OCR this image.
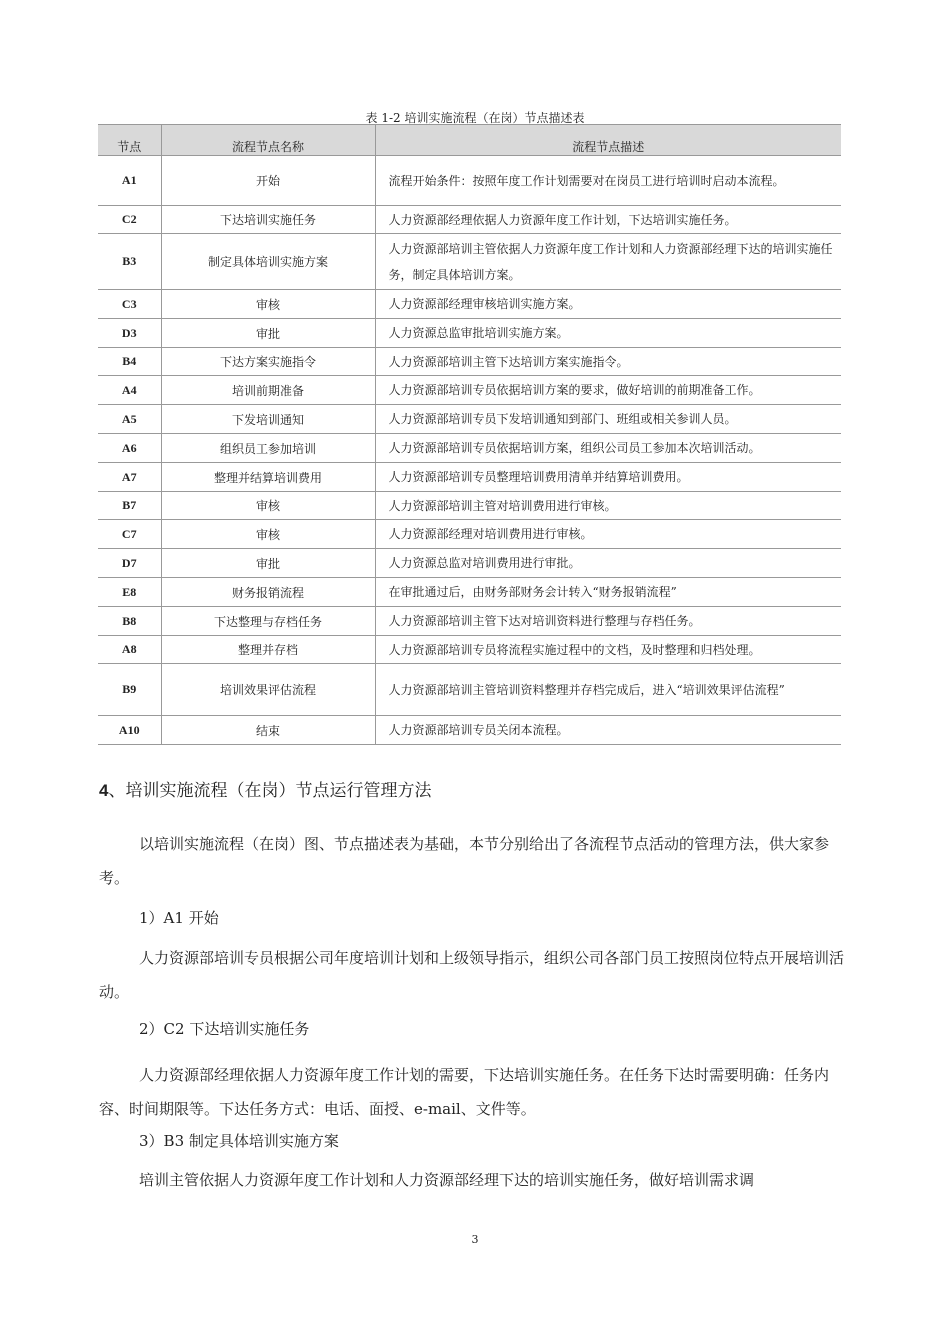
表 1-2 培训实施流程（在岗）节点描述表
节点	流程节点名称	流程节点描述
A1	开始	流程开始条件：按照年度工作计划需要对在岗员工进行培训时启动本流程。
C2	下达培训实施任务	人力资源部经理依据人力资源年度工作计划，下达培训实施任务。
B3	制定具体培训实施方案	人力资源部培训主管依据人力资源年度工作计划和人力资源部经理下达的培训实施任务，制定具体培训方案。
C3	审核	人力资源部经理审核培训实施方案。
D3	审批	人力资源总监审批培训实施方案。
B4	下达方案实施指令	人力资源部培训主管下达培训方案实施指令。
A4	培训前期准备	人力资源部培训专员依据培训方案的要求，做好培训的前期准备工作。
A5	下发培训通知	人力资源部培训专员下发培训通知到部门、班组或相关参训人员。
A6	组织员工参加培训	人力资源部培训专员依据培训方案，组织公司员工参加本次培训活动。
A7	整理并结算培训费用	人力资源部培训专员整理培训费用清单并结算培训费用。
B7	审核	人力资源部培训主管对培训费用进行审核。
C7	审核	人力资源部经理对培训费用进行审核。
D7	审批	人力资源总监对培训费用进行审批。
E8	财务报销流程	在审批通过后，由财务部财务会计转入“财务报销流程”
B8	下达整理与存档任务	人力资源部培训主管下达对培训资料进行整理与存档任务。
A8	整理并存档	人力资源部培训专员将流程实施过程中的文档，及时整理和归档处理。
B9	培训效果评估流程	人力资源部培训主管培训资料整理并存档完成后，进入“培训效果评估流程”
A10	结束	人力资源部培训专员关闭本流程。
4、培训实施流程（在岗）节点运行管理方法
以培训实施流程（在岗）图、节点描述表为基础，本节分别给出了各流程节点活动的管理方法，供大家参考。
1）A1 开始
人力资源部培训专员根据公司年度培训计划和上级领导指示，组织公司各部门员工按照岗位特点开展培训活动。
2）C2 下达培训实施任务
人力资源部经理依据人力资源年度工作计划的需要，下达培训实施任务。在任务下达时需要明确：任务内容、时间期限等。下达任务方式：电话、面授、e-mail、文件等。
3）B3 制定具体培训实施方案
培训主管依据人力资源年度工作计划和人力资源部经理下达的培训实施任务，做好培训需求调
3
